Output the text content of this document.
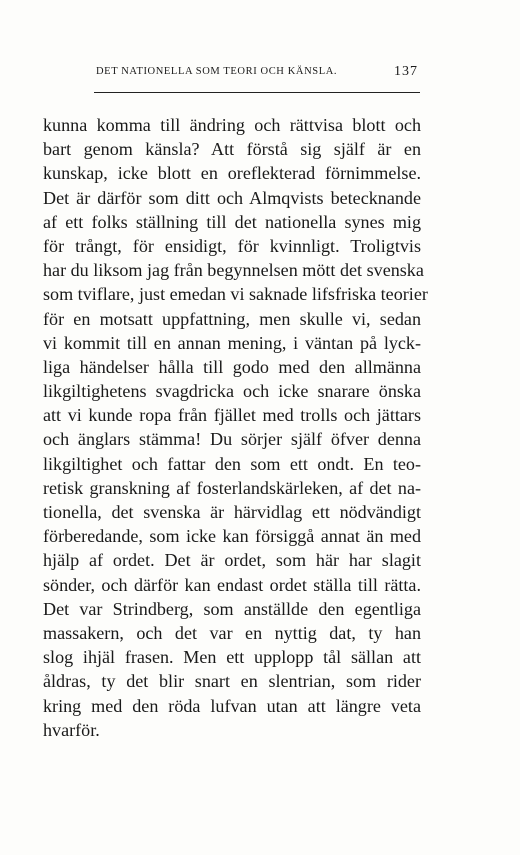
DET NATIONELLA SOM TEORI OCH KÄNSLA.	137
kunna komma till ändring och rättvisa blott och
bart genom känsla? Att förstå sig själf är en
kunskap, icke blott en oreflekterad förnimmelse.
Det är därför som ditt och Almqvists betecknande
af ett folks ställning till det nationella synes mig
för trångt, för ensidigt, för kvinnligt. Troligtvis
har du liksom jag från begynnelsen mött det svenska
som tviflare, just emedan vi saknade lifsfriska teorier
för en motsatt uppfattning, men skulle vi, sedan
vi kommit till en annan mening, i väntan på lyck-
liga händelser hålla till godo med den allmänna
likgiltighetens svagdricka och icke snarare önska
att vi kunde ropa från fjället med trolls och jättars
och änglars stämma! Du sörjer själf öfver denna
likgiltighet och fattar den som ett ondt. En teo-
retisk granskning af fosterlandskärleken, af det na-
tionella, det svenska är härvidlag ett nödvändigt
förberedande, som icke kan försiggå annat än med
hjälp af ordet. Det är ordet, som här har slagit
sönder, och därför kan endast ordet ställa till rätta.
Det var Strindberg, som anställde den egentliga
massakern, och det var en nyttig dat, ty han
slog ihjäl frasen. Men ett upplopp tål sällan att
åldras, ty det blir snart en slentrian, som rider
kring med den röda lufvan utan att längre veta
hvarför.
